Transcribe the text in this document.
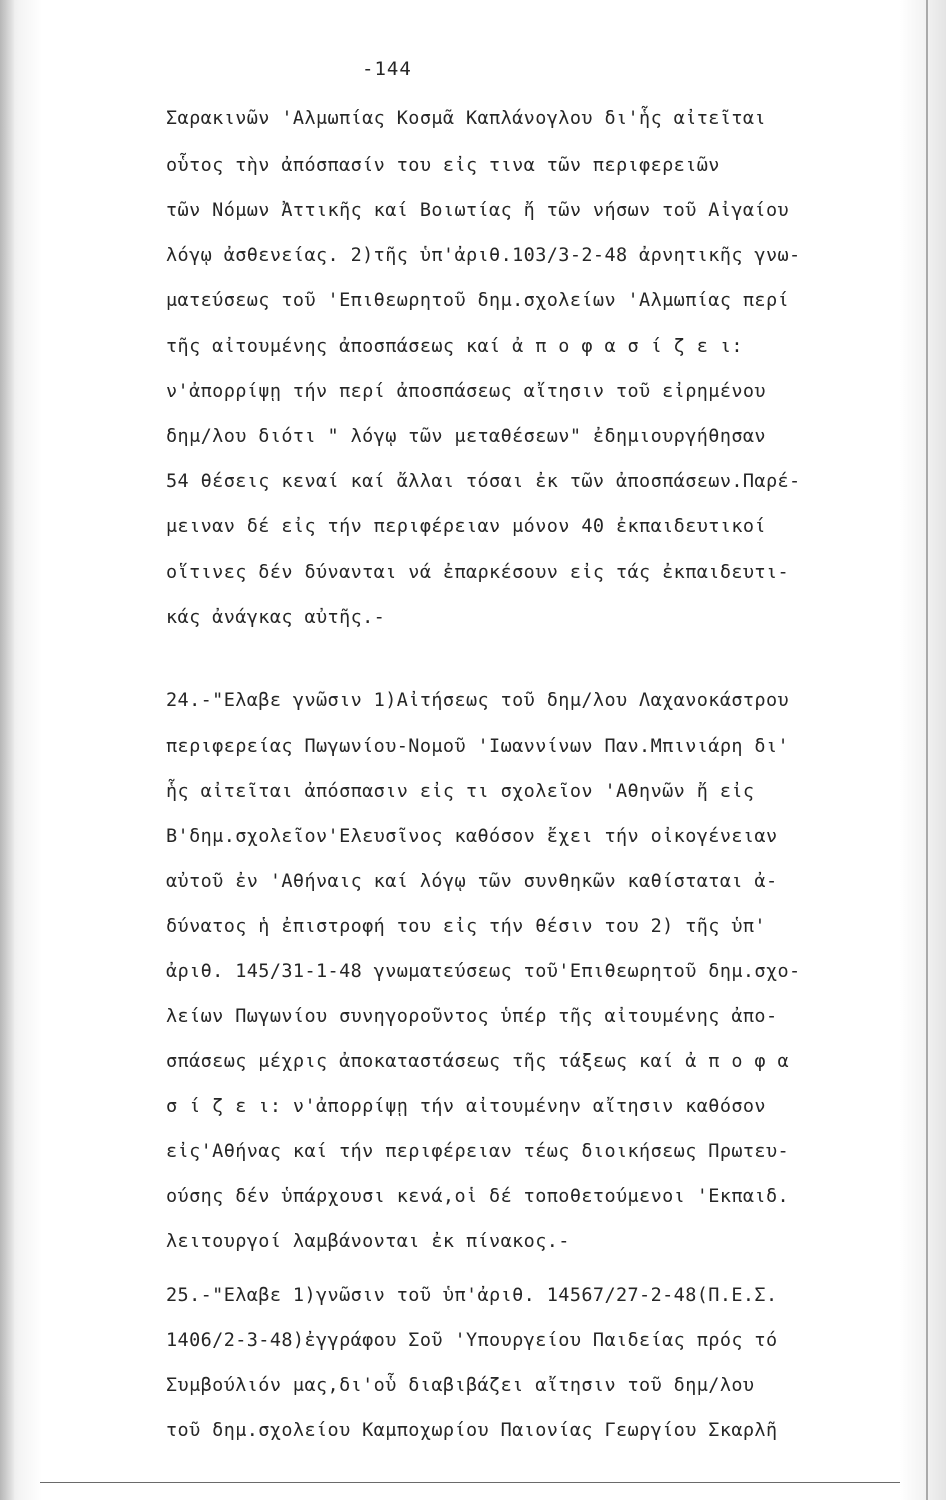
-144
Σαρακινῶν 'Αλμωπίας Κοσμᾶ Καπλάνογλου δι'ἧς αἰτεῖται
οὗτος τὴν ἀπόσπασίν του εἰς τινα τῶν περιφερειῶν
τῶν Νόμων Ἀττικῆς καί Βοιωτίας ἤ τῶν νήσων τοῦ Αἰγαίου
λόγῳ ἀσθενείας. 2)τῆς ὑπ'ἀριθ.103/3-2-48 ἀρνητικῆς γνω-
ματεύσεως τοῦ 'Επιθεωρητοῦ δημ.σχολείων 'Αλμωπίας περί
τῆς αἰτουμένης ἀποσπάσεως καί ἀ π ο φ α σ ί ζ ε ι:
ν'ἀπορρίψῃ τήν περί ἀποσπάσεως αἴτησιν τοῦ εἰρημένου
δημ/λου διότι " λόγῳ τῶν μεταθέσεων" ἐδημιουργήθησαν
54 θέσεις κεναί καί ἄλλαι τόσαι ἐκ τῶν ἀποσπάσεων.Παρέ-
μειναν δέ εἰς τήν περιφέρειαν μόνον 40 ἐκπαιδευτικοί
οἵτινες δέν δύνανται νά ἐπαρκέσουν εἰς τάς ἐκπαιδευτι-
κάς ἀνάγκας αὐτῆς.-
24.-"Ελαβε γνῶσιν 1)Αἰτήσεως τοῦ δημ/λου Λαχανοκάστρου
περιφερείας Πωγωνίου-Νομοῦ 'Ιωαννίνων Παν.Μπινιάρη δι'
ἧς αἰτεῖται ἀπόσπασιν εἰς τι σχολεῖον 'Αθηνῶν ἤ εἰς
Β'δημ.σχολεῖον'Ελευσῖνος καθόσον ἔχει τήν οἰκογένειαν
αὐτοῦ ἐν 'Αθήναις καί λόγῳ τῶν συνθηκῶν καθίσταται ἀ-
δύνατος ἡ ἐπιστροφή του εἰς τήν θέσιν του 2) τῆς ὑπ'
ἀριθ. 145/31-1-48 γνωματεύσεως τοῦ'Επιθεωρητοῦ δημ.σχο-
λείων Πωγωνίου συνηγοροῦντος ὑπέρ τῆς αἰτουμένης ἀπο-
σπάσεως μέχρις ἀποκαταστάσεως τῆς τάξεως καί ἀ π ο φ α
σ ί ζ ε ι: ν'ἀπορρίψῃ τήν αἰτουμένην αἴτησιν καθόσον
εἰς'Αθήνας καί τήν περιφέρειαν τέως διοικήσεως Πρωτευ-
ούσης δέν ὑπάρχουσι κενά,οἱ δέ τοποθετούμενοι 'Εκπαιδ.
λειτουργοί λαμβάνονται ἐκ πίνακος.-
25.-"Ελαβε 1)γνῶσιν τοῦ ὑπ'ἀριθ. 14567/27-2-48(Π.Ε.Σ.
1406/2-3-48)ἐγγράφου Σοῦ 'Υπουργείου Παιδείας πρός τό
Συμβούλιόν μας,δι'οὗ διαβιβάζει αἴτησιν τοῦ δημ/λου
τοῦ δημ.σχολείου Καμποχωρίου Παιονίας Γεωργίου Σκαρλῆ
